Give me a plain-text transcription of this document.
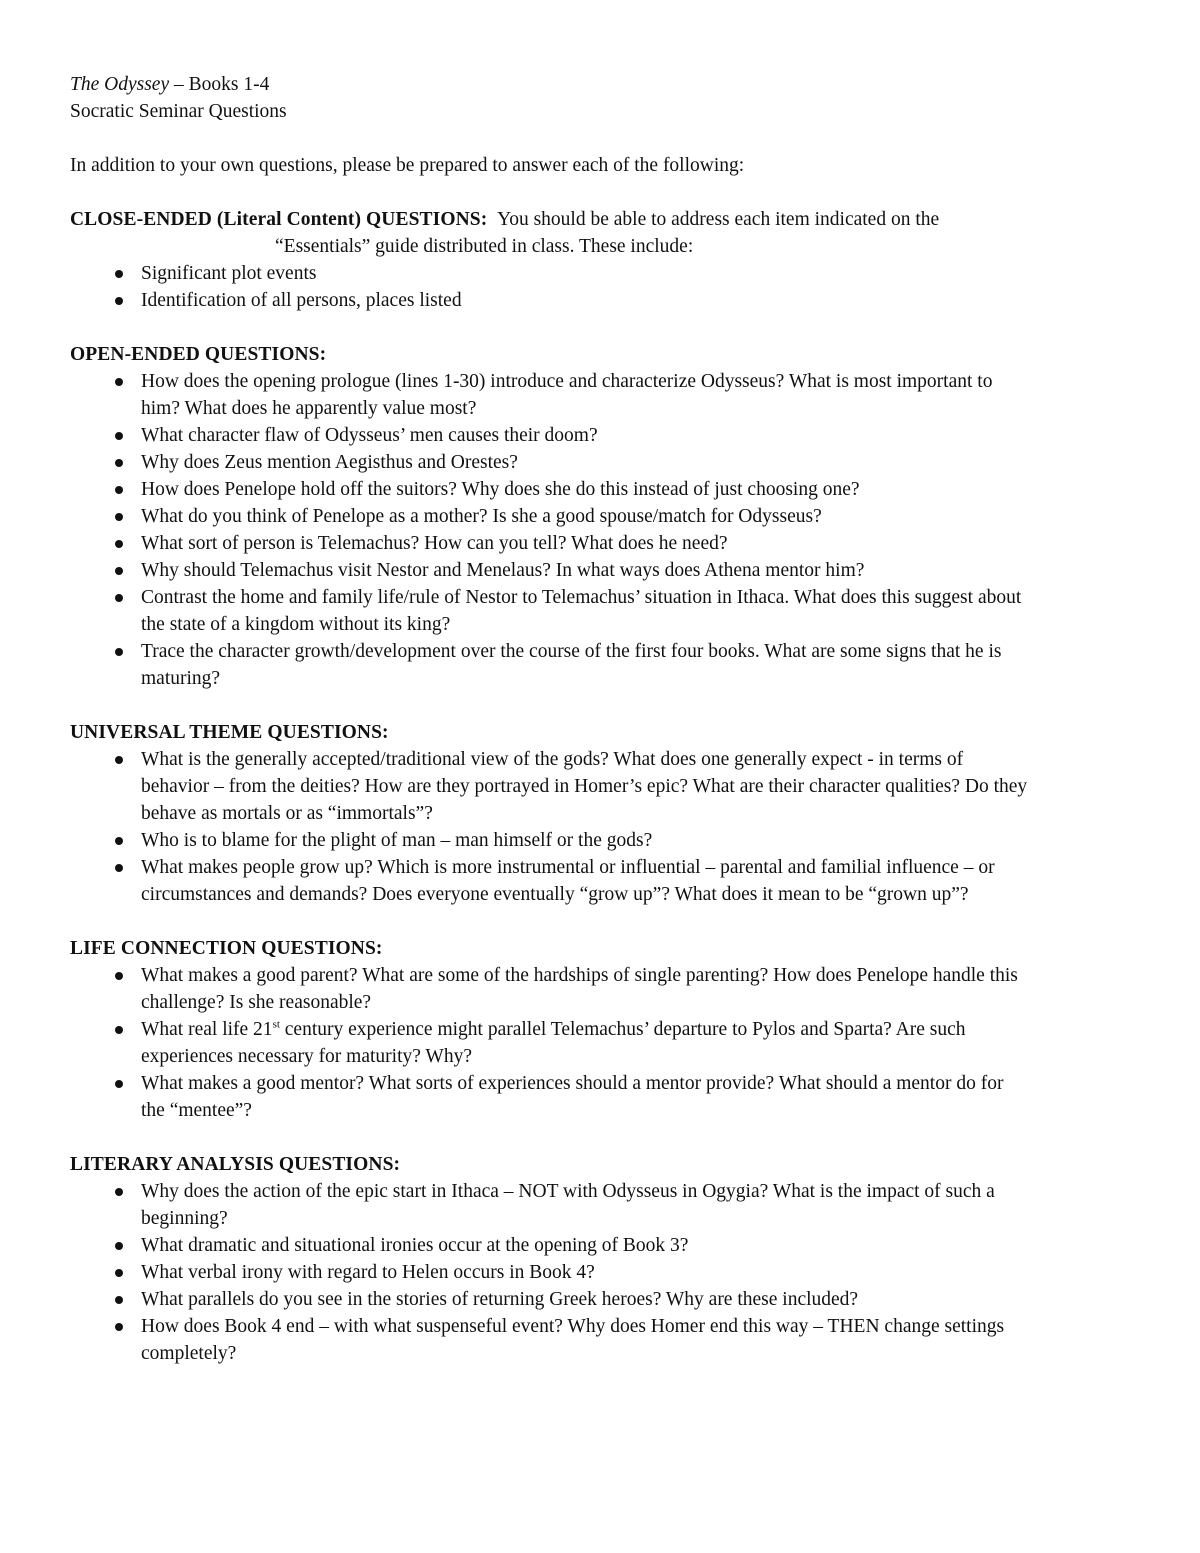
The Odyssey – Books 1-4
Socratic Seminar Questions
In addition to your own questions, please be prepared to answer each of the following:
CLOSE-ENDED (Literal Content) QUESTIONS: You should be able to address each item indicated on the
“Essentials” guide distributed in class. These include:
Significant plot events
Identification of all persons, places listed
OPEN-ENDED QUESTIONS:
How does the opening prologue (lines 1-30) introduce and characterize Odysseus? What is most important to him? What does he apparently value most?
What character flaw of Odysseus’ men causes their doom?
Why does Zeus mention Aegisthus and Orestes?
How does Penelope hold off the suitors? Why does she do this instead of just choosing one?
What do you think of Penelope as a mother? Is she a good spouse/match for Odysseus?
What sort of person is Telemachus? How can you tell? What does he need?
Why should Telemachus visit Nestor and Menelaus? In what ways does Athena mentor him?
Contrast the home and family life/rule of Nestor to Telemachus’ situation in Ithaca. What does this suggest about the state of a kingdom without its king?
Trace the character growth/development over the course of the first four books. What are some signs that he is maturing?
UNIVERSAL THEME QUESTIONS:
What is the generally accepted/traditional view of the gods? What does one generally expect - in terms of behavior – from the deities? How are they portrayed in Homer’s epic? What are their character qualities? Do they behave as mortals or as “immortals”?
Who is to blame for the plight of man – man himself or the gods?
What makes people grow up? Which is more instrumental or influential – parental and familial influence – or circumstances and demands? Does everyone eventually “grow up”? What does it mean to be “grown up”?
LIFE CONNECTION QUESTIONS:
What makes a good parent? What are some of the hardships of single parenting? How does Penelope handle this challenge? Is she reasonable?
What real life 21st century experience might parallel Telemachus’ departure to Pylos and Sparta? Are such experiences necessary for maturity? Why?
What makes a good mentor? What sorts of experiences should a mentor provide? What should a mentor do for the “mentee”?
LITERARY ANALYSIS QUESTIONS:
Why does the action of the epic start in Ithaca – NOT with Odysseus in Ogygia? What is the impact of such a beginning?
What dramatic and situational ironies occur at the opening of Book 3?
What verbal irony with regard to Helen occurs in Book 4?
What parallels do you see in the stories of returning Greek heroes? Why are these included?
How does Book 4 end – with what suspenseful event? Why does Homer end this way – THEN change settings completely?
